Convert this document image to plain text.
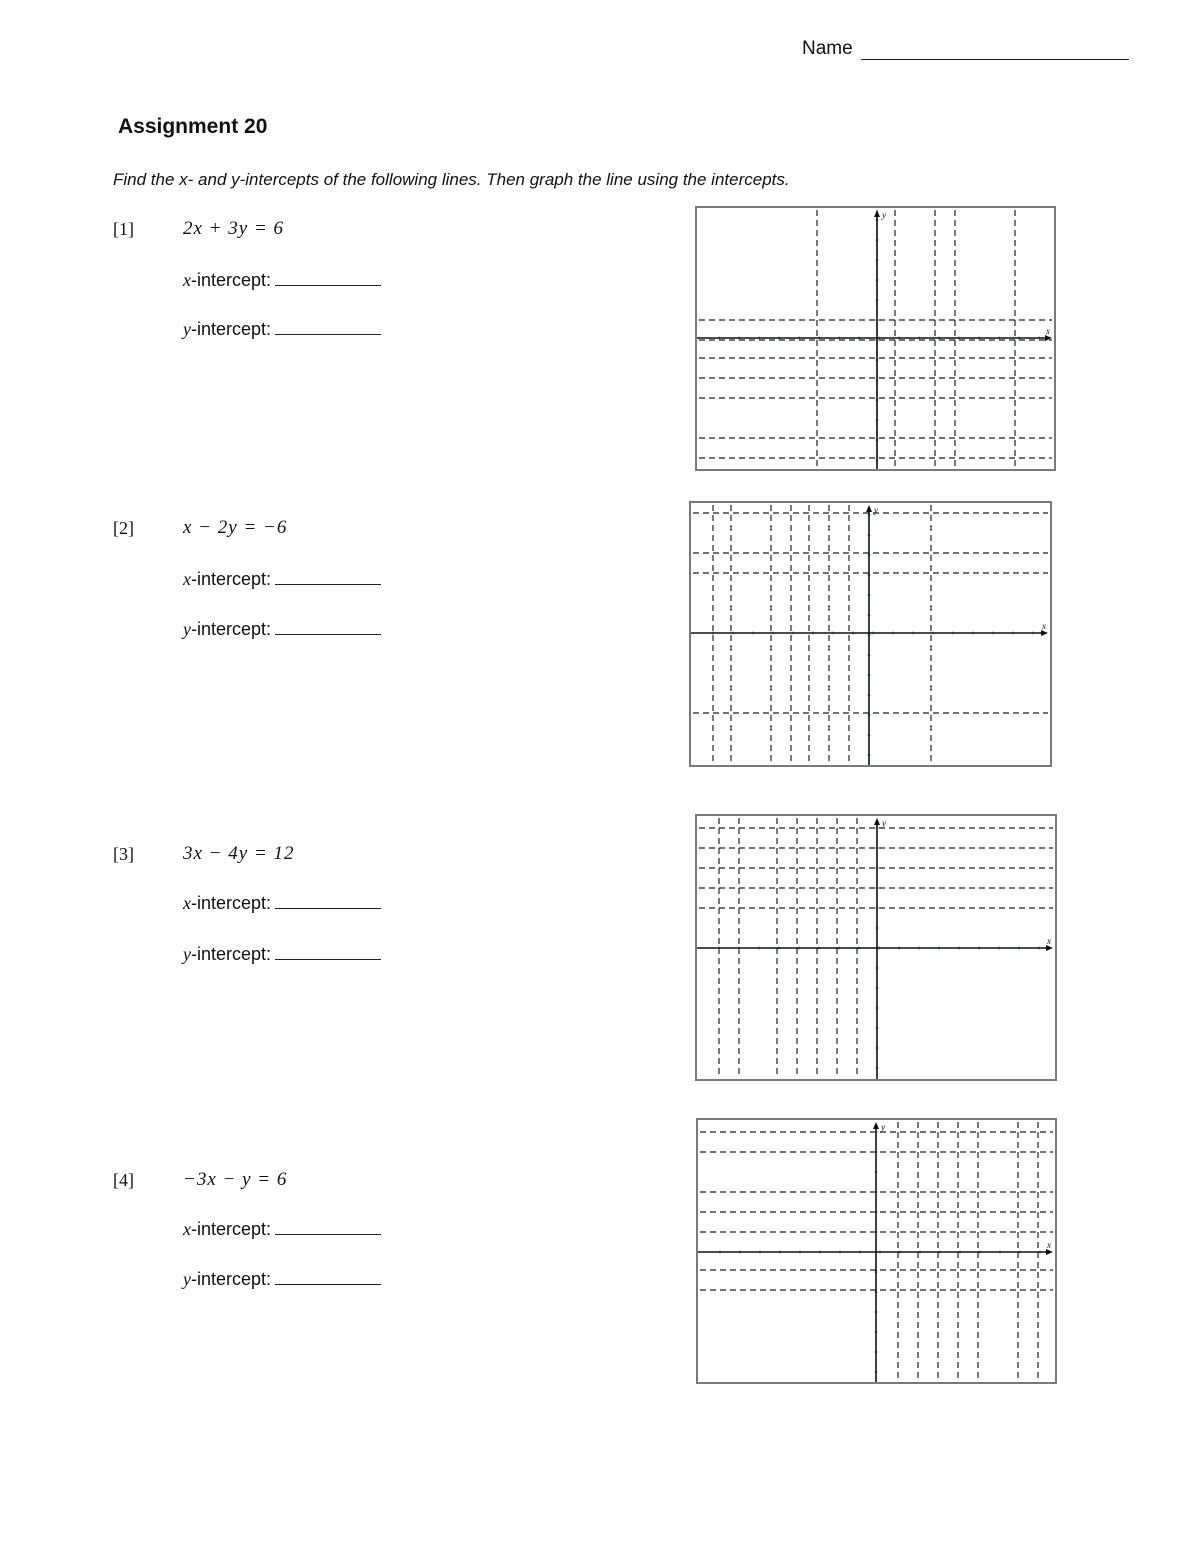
Name
Assignment 20
Find the x- and y-intercepts of the following lines. Then graph the line using the intercepts.
[1]	2x + 3y = 6
x-intercept:
y-intercept:	x
y
[2]	x − 2y = −6
x-intercept:
y-intercept:	x
y
[3]	3x − 4y = 12
x-intercept:
y-intercept:
x
y
[4]	−3x − y = 6
x-intercept:
y-intercept:
x
y
